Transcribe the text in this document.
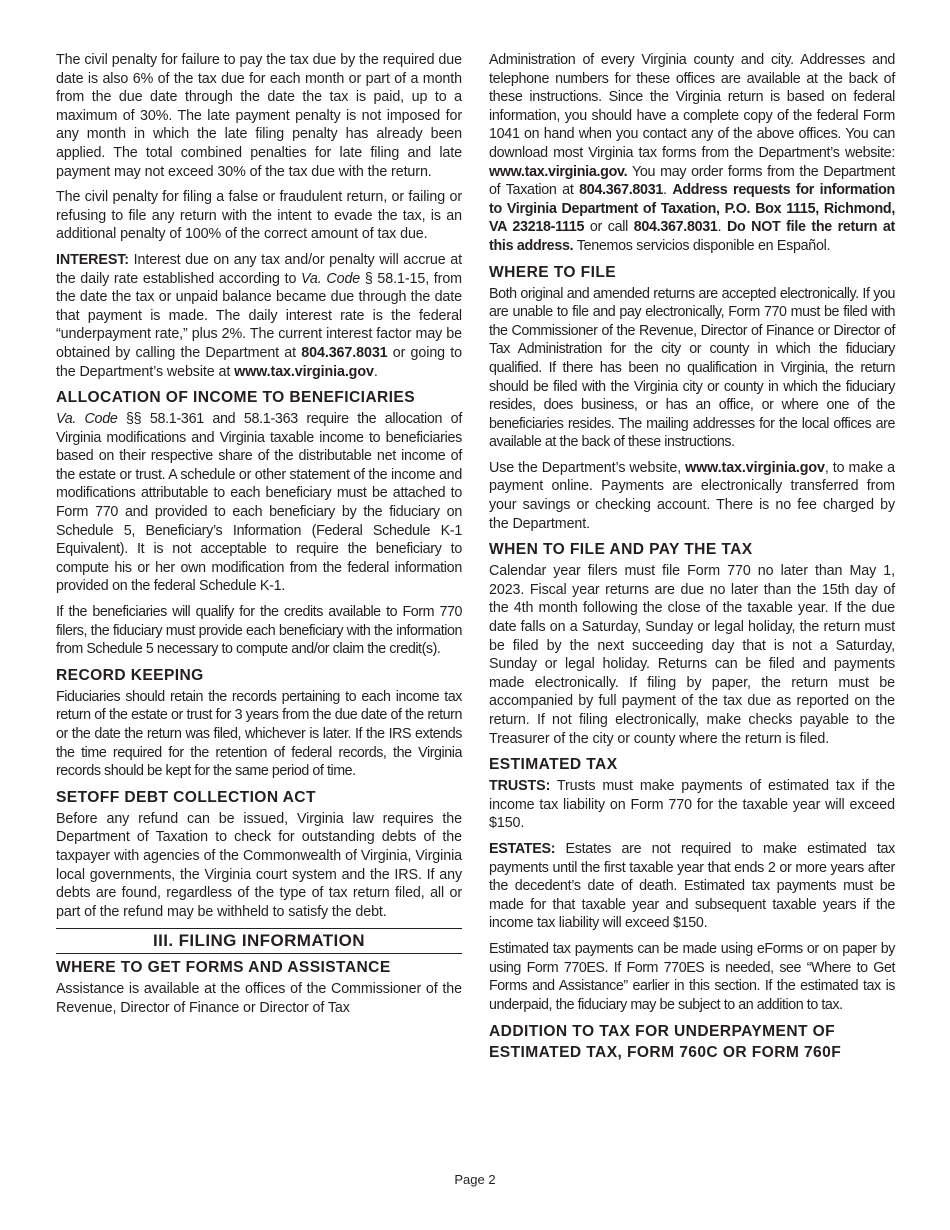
The civil penalty for failure to pay the tax due by the required due date is also 6% of the tax due for each month or part of a month from the due date through the date the tax is paid, up to a maximum of 30%. The late payment penalty is not imposed for any month in which the late filing penalty has already been applied. The total combined penalties for late filing and late payment may not exceed 30% of the tax due with the return.

The civil penalty for filing a false or fraudulent return, or failing or refusing to file any return with the intent to evade the tax, is an additional penalty of 100% of the correct amount of tax due.

INTEREST: Interest due on any tax and/or penalty will accrue at the daily rate established according to Va. Code § 58.1-15, from the date the tax or unpaid balance became due through the date that payment is made. The daily interest rate is the federal “underpayment rate,” plus 2%. The current interest factor may be obtained by calling the Department at 804.367.8031 or going to the Department’s website at www.tax.virginia.gov.

ALLOCATION OF INCOME TO BENEFICIARIES

Va. Code §§ 58.1-361 and 58.1-363 require the allocation of Virginia modifications and Virginia taxable income to beneficiaries based on their respective share of the distributable net income of the estate or trust. A schedule or other statement of the income and modifications attributable to each beneficiary must be attached to Form 770 and provided to each beneficiary by the fiduciary on Schedule 5, Beneficiary’s Information (Federal Schedule K-1 Equivalent). It is not acceptable to require the beneficiary to compute his or her own modification from the federal information provided on the federal Schedule K-1.

If the beneficiaries will qualify for the credits available to Form 770 filers, the fiduciary must provide each beneficiary with the information from Schedule 5 necessary to compute and/or claim the credit(s).

RECORD KEEPING

Fiduciaries should retain the records pertaining to each income tax return of the estate or trust for 3 years from the due date of the return or the date the return was filed, whichever is later. If the IRS extends the time required for the retention of federal records, the Virginia records should be kept for the same period of time.

SETOFF DEBT COLLECTION ACT

Before any refund can be issued, Virginia law requires the Department of Taxation to check for outstanding debts of the taxpayer with agencies of the Commonwealth of Virginia, Virginia local governments, the Virginia court system and the IRS. If any debts are found, regardless of the type of tax return filed, all or part of the refund may be withheld to satisfy the debt.

III. FILING INFORMATION
WHERE TO GET FORMS AND ASSISTANCE

Assistance is available at the offices of the Commissioner of the Revenue, Director of Finance or Director of Tax

Administration of every Virginia county and city. Addresses and telephone numbers for these offices are available at the back of these instructions. Since the Virginia return is based on federal information, you should have a complete copy of the federal Form 1041 on hand when you contact any of the above offices. You can download most Virginia tax forms from the Department’s website: www.tax.virginia.gov. You may order forms from the Department of Taxation at 804.367.8031. Address requests for information to Virginia Department of Taxation, P.O. Box 1115, Richmond, VA 23218-1115 or call 804.367.8031. Do NOT file the return at this address. Tenemos servicios disponible en Español.

WHERE TO FILE

Both original and amended returns are accepted electronically. If you are unable to file and pay electronically, Form 770 must be filed with the Commissioner of the Revenue, Director of Finance or Director of Tax Administration for the city or county in which the fiduciary qualified. If there has been no qualification in Virginia, the return should be filed with the Virginia city or county in which the fiduciary resides, does business, or has an office, or where one of the beneficiaries resides. The mailing addresses for the local offices are available at the back of these instructions.

Use the Department’s website, www.tax.virginia.gov, to make a payment online. Payments are electronically transferred from your savings or checking account. There is no fee charged by the Department.

WHEN TO FILE AND PAY THE TAX

Calendar year filers must file Form 770 no later than May 1, 2023. Fiscal year returns are due no later than the 15th day of the 4th month following the close of the taxable year. If the due date falls on a Saturday, Sunday or legal holiday, the return must be filed by the next succeeding day that is not a Saturday, Sunday or legal holiday. Returns can be filed and payments made electronically. If filing by paper, the return must be accompanied by full payment of the tax due as reported on the return. If not filing electronically, make checks payable to the Treasurer of the city or county where the return is filed.

ESTIMATED TAX

TRUSTS: Trusts must make payments of estimated tax if the income tax liability on Form 770 for the taxable year will exceed $150.

ESTATES: Estates are not required to make estimated tax payments until the first taxable year that ends 2 or more years after the decedent’s date of death. Estimated tax payments must be made for that taxable year and subsequent taxable years if the income tax liability will exceed $150.

Estimated tax payments can be made using eForms or on paper by using Form 770ES. If Form 770ES is needed, see “Where to Get Forms and Assistance” earlier in this section. If the estimated tax is underpaid, the fiduciary may be subject to an addition to tax.

ADDITION TO TAX FOR UNDERPAYMENT OF
ESTIMATED TAX, FORM 760C OR FORM 760F
Page 2
